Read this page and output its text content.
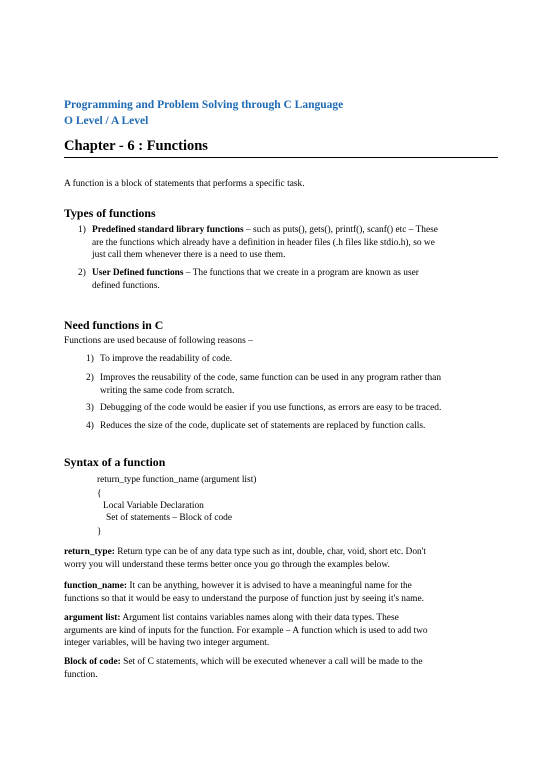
Programming and Problem Solving through C Language
O Level / A Level
Chapter - 6 : Functions
A function is a block of statements that performs a specific task.
Types of functions
1) Predefined standard library functions – such as puts(), gets(), printf(), scanf() etc – These
are the functions which already have a definition in header files (.h files like stdio.h), so we
just call them whenever there is a need to use them.
2) User Defined functions – The functions that we create in a program are known as user
defined functions.
Need functions in C
Functions are used because of following reasons –
1) To improve the readability of code.
2) Improves the reusability of the code, same function can be used in any program rather than
writing the same code from scratch.
3) Debugging of the code would be easier if you use functions, as errors are easy to be traced.
4) Reduces the size of the code, duplicate set of statements are replaced by function calls.
Syntax of a function
return_type function_name (argument list)
{
Local Variable Declaration
Set of statements – Block of code
}
return_type: Return type can be of any data type such as int, double, char, void, short etc. Don't
worry you will understand these terms better once you go through the examples below.
function_name: It can be anything, however it is advised to have a meaningful name for the
functions so that it would be easy to understand the purpose of function just by seeing it's name.
argument list: Argument list contains variables names along with their data types. These
arguments are kind of inputs for the function. For example – A function which is used to add two
integer variables, will be having two integer argument.
Block of code: Set of C statements, which will be executed whenever a call will be made to the
function.
